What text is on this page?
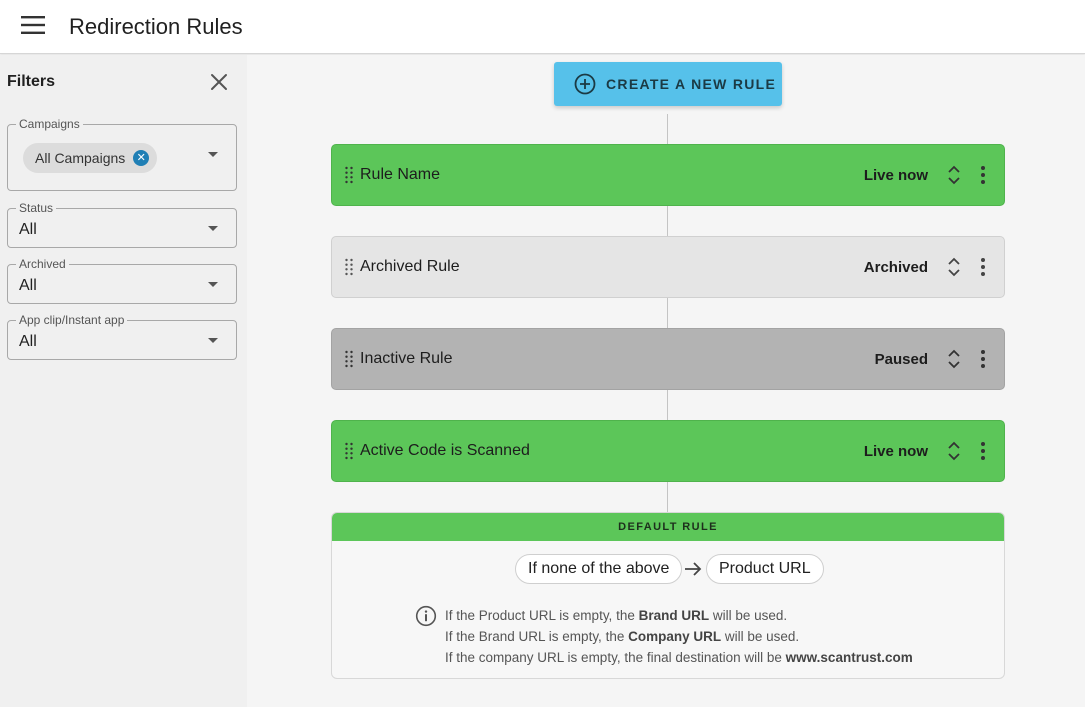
Redirection Rules
Filters
Campaigns
All Campaigns	✕
Status
All
Archived
All
App clip/Instant app
All
CREATE A NEW RULE
Rule Name	Live now
Archived Rule	Archived
Inactive Rule	Paused
Active Code is Scanned	Live now
DEFAULT RULE
If none of the above	Product URL
If the Product URL is empty, the Brand URL will be used.
If the Brand URL is empty, the Company URL will be used.
If the company URL is empty, the final destination will be www.scantrust.com
